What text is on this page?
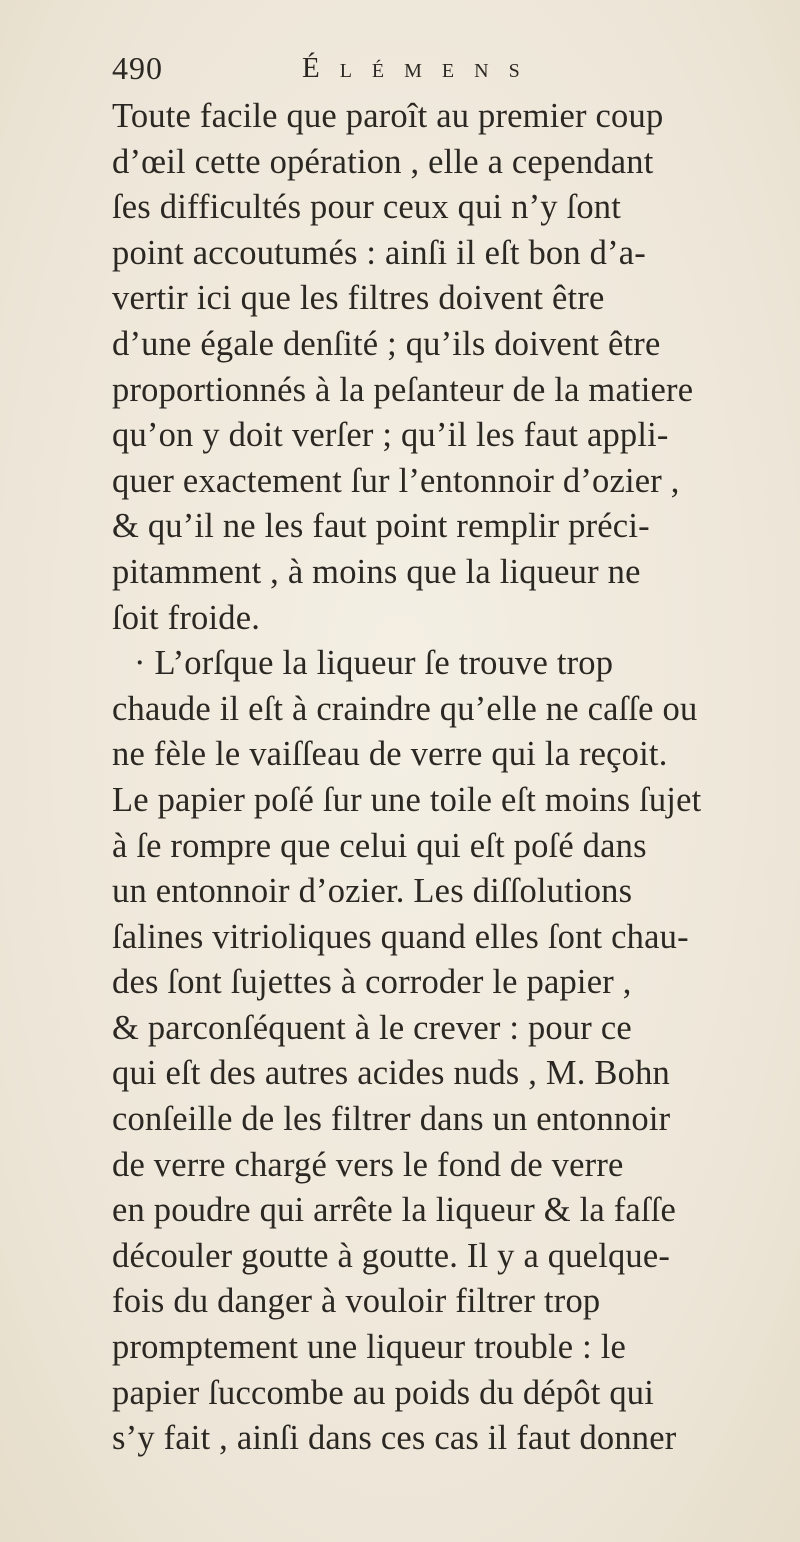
490	Élémens
Toute facile que paroît au premier coup
d’œil cette opération , elle a cependant
ſes difficultés pour ceux qui n’y ſont
point accoutumés : ainſi il eſt bon d’a-
vertir ici que les filtres doivent être
d’une égale denſité ; qu’ils doivent être
proportionnés à la peſanteur de la matiere
qu’on y doit verſer ; qu’il les faut appli-
quer exactement ſur l’entonnoir d’ozier ,
& qu’il ne les faut point remplir préci-
pitamment , à moins que la liqueur ne
ſoit froide.
· L’orſque la liqueur ſe trouve trop
chaude il eſt à craindre qu’elle ne caſſe ou
ne fèle le vaiſſeau de verre qui la reçoit.
Le papier poſé ſur une toile eſt moins ſujet
à ſe rompre que celui qui eſt poſé dans
un entonnoir d’ozier. Les diſſolutions
ſalines vitrioliques quand elles ſont chau-
des ſont ſujettes à corroder le papier ,
& parconſéquent à le crever : pour ce
qui eſt des autres acides nuds , M. Bohn
conſeille de les filtrer dans un entonnoir
de verre chargé vers le fond de verre
en poudre qui arrête la liqueur & la faſſe
découler goutte à goutte. Il y a quelque-
fois du danger à vouloir filtrer trop
promptement une liqueur trouble : le
papier ſuccombe au poids du dépôt qui
s’y fait , ainſi dans ces cas il faut donner
